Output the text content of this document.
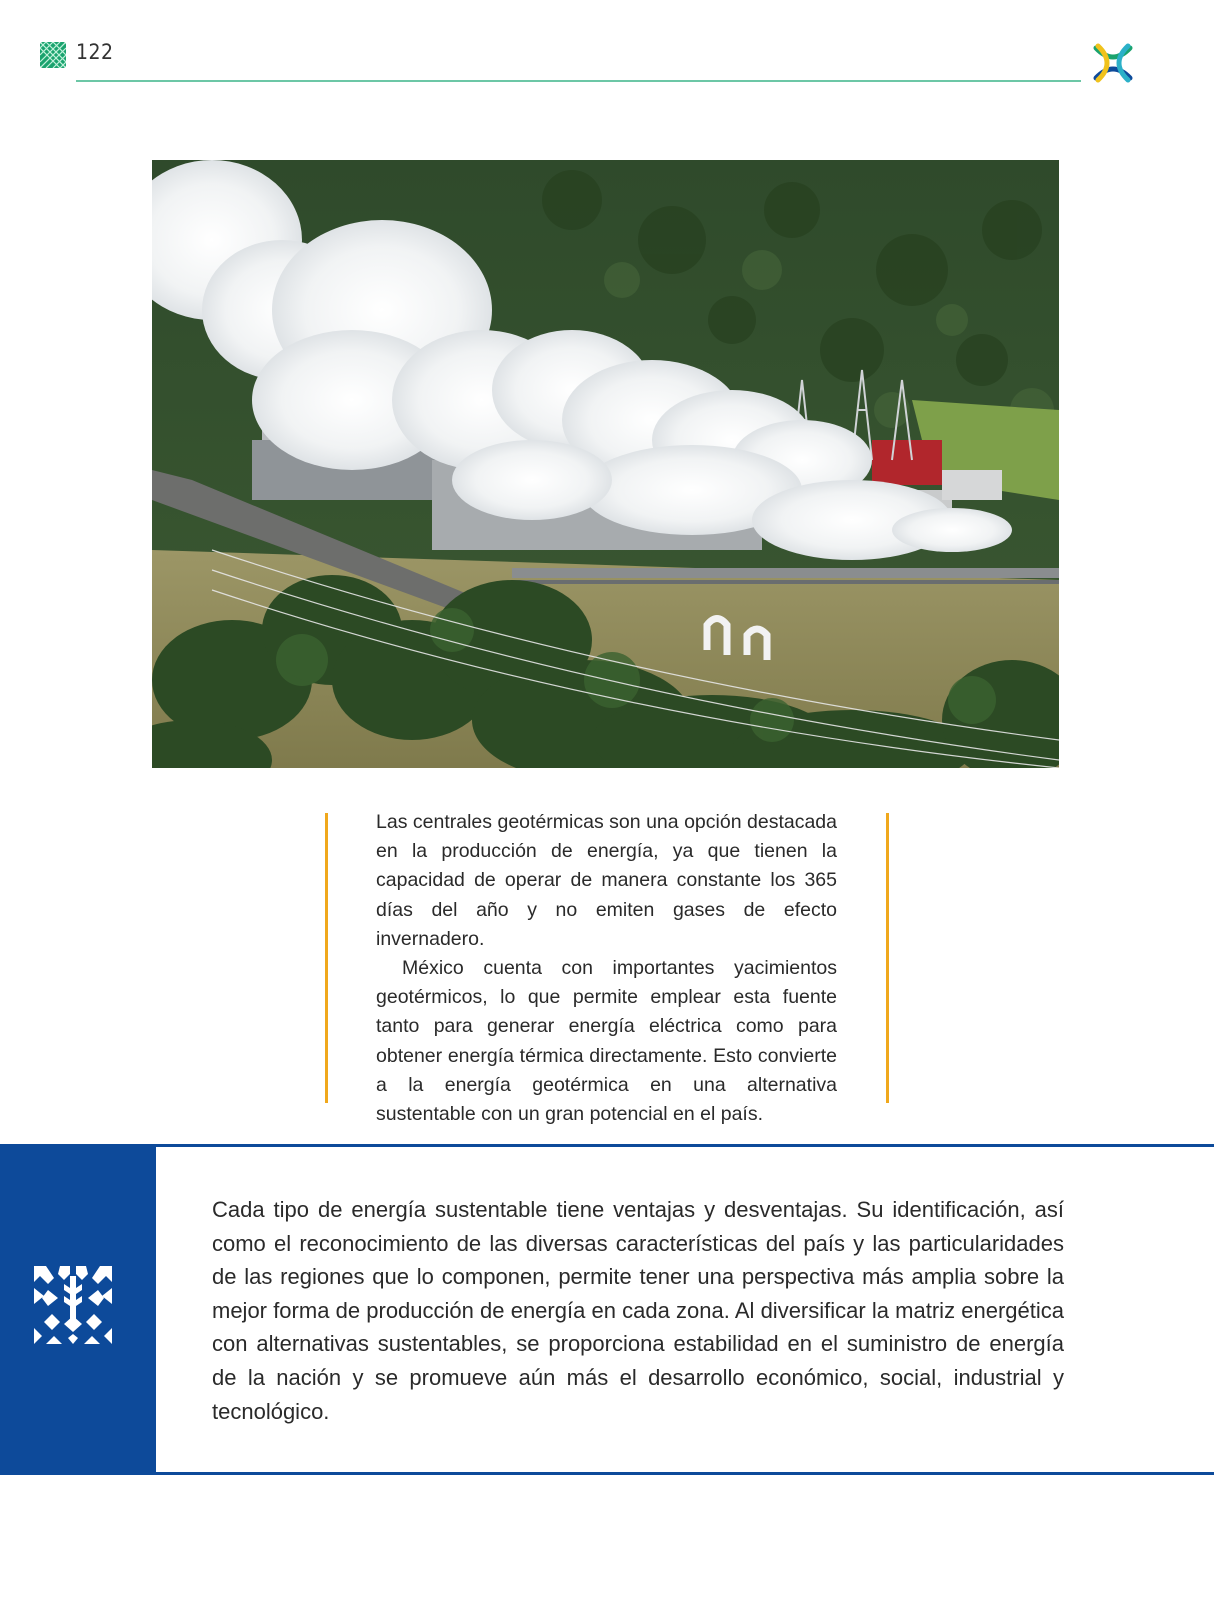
122

Las centrales geotérmicas son una opción destacada en la producción de energía, ya que tienen la capacidad de operar de manera constante los 365 días del año y no emiten gases de efecto invernadero.

México cuenta con importantes yacimientos geotérmicos, lo que permite emplear esta fuente tanto para generar energía eléctrica como para obtener energía térmica directamente. Esto convierte a la energía geotérmica en una alternativa sustentable con un gran potencial en el país.

Cada tipo de energía sustentable tiene ventajas y desventajas. Su identificación, así como el reconocimiento de las diversas características del país y las particularidades de las regiones que lo componen, permite tener una perspectiva más amplia sobre la mejor forma de producción de energía en cada zona. Al diversificar la matriz energética con alternativas sustentables, se proporciona estabilidad en el suministro de energía de la nación y se promueve aún más el desarrollo económico, social, industrial y tecnológico.
